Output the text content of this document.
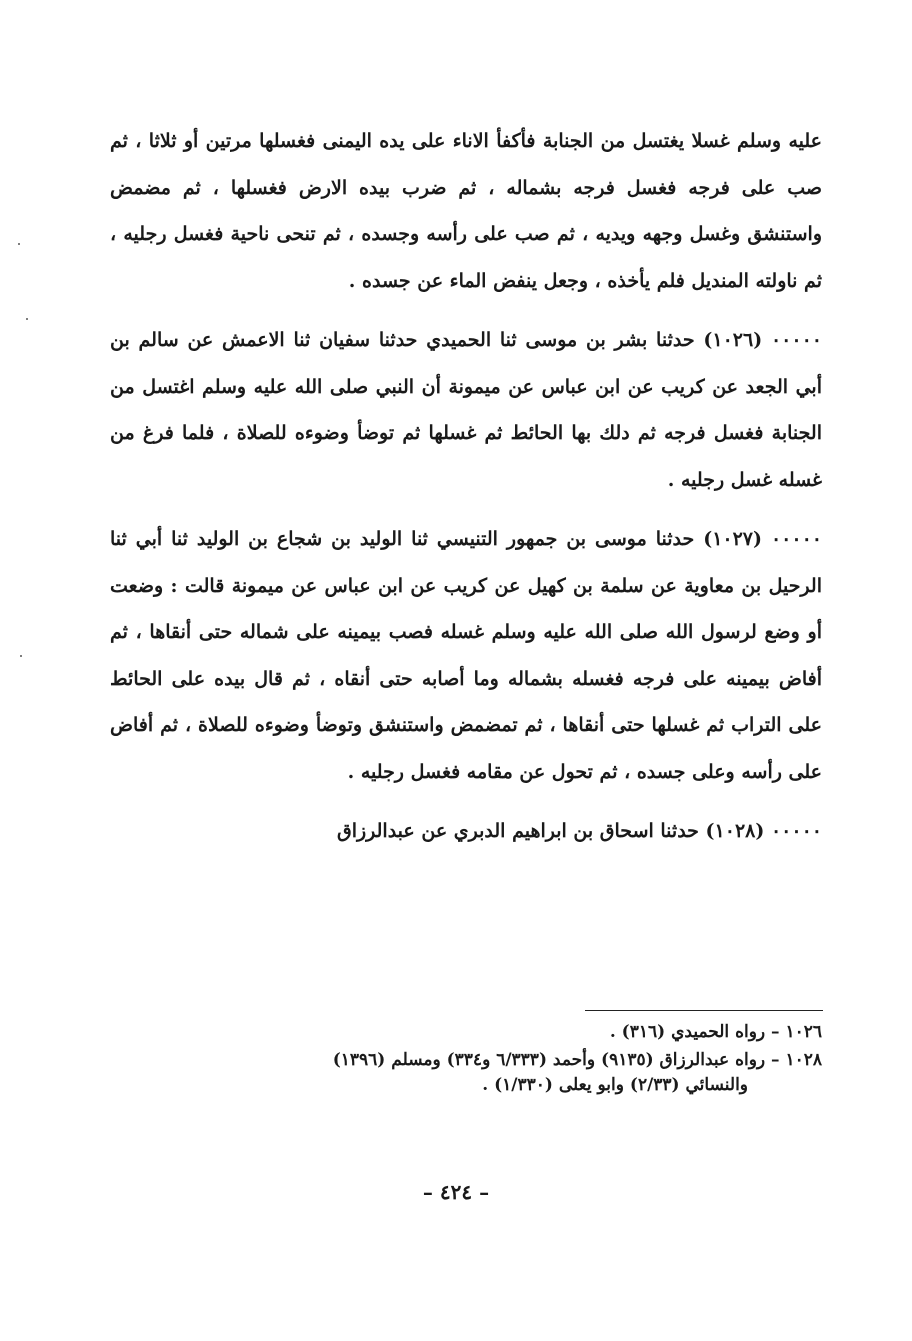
عليه وسلم غسلا يغتسل من الجنابة فأكفأ الاناء على يده اليمنى فغسلها مرتين أو ثلاثا ، ثم صب على فرجه فغسل فرجه بشماله ، ثم ضرب بيده الارض فغسلها ، ثم مضمض واستنشق وغسل وجهه ويديه ، ثم صب على رأسه وجسده ، ثم تنحى ناحية فغسل رجليه ، ثم ناولته المنديل فلم يأخذه ، وجعل ينفض الماء عن جسده .

٠٠٠٠٠ (١٠٢٦) حدثنا بشر بن موسى ثنا الحميدي حدثنا سفيان ثنا الاعمش عن سالم بن أبي الجعد عن كريب عن ابن عباس عن ميمونة أن النبي صلى الله عليه وسلم اغتسل من الجنابة فغسل فرجه ثم دلك بها الحائط ثم غسلها ثم توضأ وضوءه للصلاة ، فلما فرغ من غسله غسل رجليه .

٠٠٠٠٠ (١٠٢٧) حدثنا موسى بن جمهور التنيسي ثنا الوليد بن شجاع بن الوليد ثنا أبي ثنا الرحيل بن معاوية عن سلمة بن كهيل عن كريب عن ابن عباس عن ميمونة قالت : وضعت أو وضع لرسول الله صلى الله عليه وسلم غسله فصب بيمينه على شماله حتى أنقاها ، ثم أفاض بيمينه على فرجه فغسله بشماله وما أصابه حتى أنقاه ، ثم قال بيده على الحائط على التراب ثم غسلها حتى أنقاها ، ثم تمضمض واستنشق وتوضأ وضوءه للصلاة ، ثم أفاض على رأسه وعلى جسده ، ثم تحول عن مقامه فغسل رجليه .

٠٠٠٠٠ (١٠٢٨) حدثنا اسحاق بن ابراهيم الدبري عن عبدالرزاق

١٠٢٦ – رواه الحميدي (٣١٦) .

١٠٢٨ – رواه عبدالرزاق (٩١٣٥) وأحمد (٦/٣٣٣ و٣٣٤) ومسلم (١٣٩٦)
والنسائي (٢/٣٣) وابو يعلى (١/٣٣٠) .

– ٤٢٤ –
